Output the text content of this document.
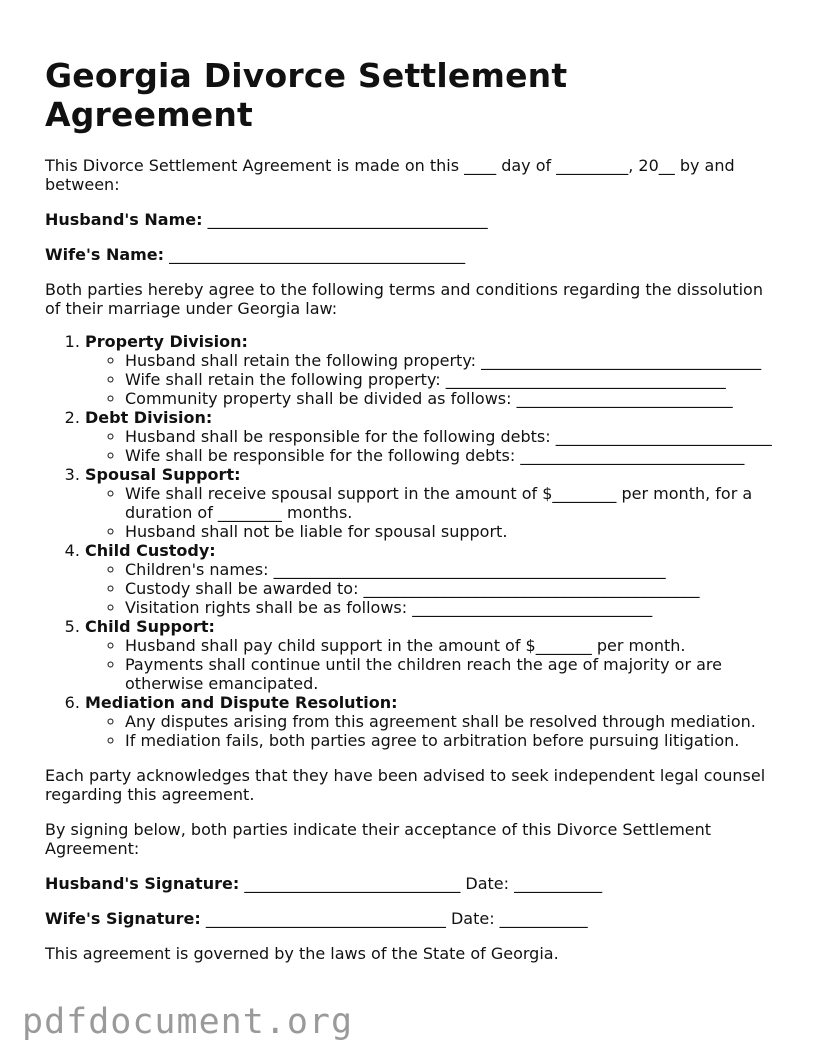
Georgia Divorce Settlement Agreement

This Divorce Settlement Agreement is made on this ____ day of _________, 20__ by and between:

Husband's Name: ___________________________________
Wife's Name: _____________________________________

Both parties hereby agree to the following terms and conditions regarding the dissolution of their marriage under Georgia law:

1. Property Division:
◦ Husband shall retain the following property: ___________________________________
◦ Wife shall retain the following property: ___________________________________
◦ Community property shall be divided as follows: ___________________________
2. Debt Division:
◦ Husband shall be responsible for the following debts: ___________________________
◦ Wife shall be responsible for the following debts: ____________________________
3. Spousal Support:
◦ Wife shall receive spousal support in the amount of $________ per month, for a duration of ________ months.
◦ Husband shall not be liable for spousal support.
4. Child Custody:
◦ Children's names: _________________________________________________
◦ Custody shall be awarded to: __________________________________________
◦ Visitation rights shall be as follows: ______________________________
5. Child Support:
◦ Husband shall pay child support in the amount of $_______ per month.
◦ Payments shall continue until the children reach the age of majority or are otherwise emancipated.
6. Mediation and Dispute Resolution:
◦ Any disputes arising from this agreement shall be resolved through mediation.
◦ If mediation fails, both parties agree to arbitration before pursuing litigation.

Each party acknowledges that they have been advised to seek independent legal counsel regarding this agreement.

By signing below, both parties indicate their acceptance of this Divorce Settlement Agreement:

Husband's Signature: ___________________________ Date: ___________
Wife's Signature: ______________________________ Date: ___________

This agreement is governed by the laws of the State of Georgia.

pdfdocument.org
